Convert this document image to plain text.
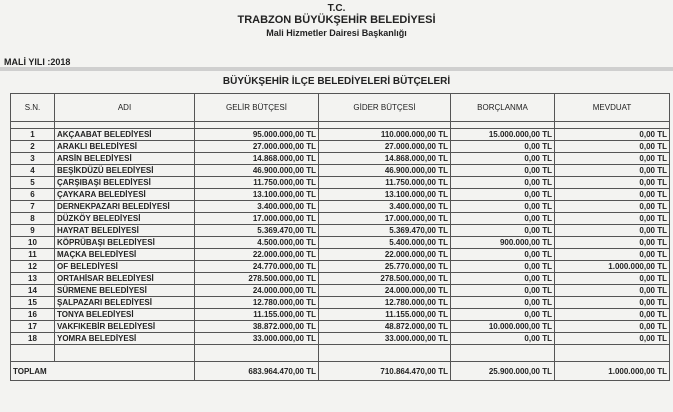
T.C.
TRABZON BÜYÜKŞEHİR BELEDİYESİ
Mali Hizmetler Dairesi Başkanlığı
MALİ YILI :2018
BÜYÜKŞEHİR İLÇE BELEDİYELERİ BÜTÇELERİ
S.N.	ADI	GELİR BÜTÇESİ	GİDER BÜTÇESİ	BORÇLANMA	MEVDUAT

1	AKÇAABAT BELEDİYESİ	95.000.000,00 TL	110.000.000,00 TL	15.000.000,00 TL	0,00 TL
2	ARAKLI BELEDİYESİ	27.000.000,00 TL	27.000.000,00 TL	0,00 TL	0,00 TL
3	ARSİN BELEDİYESİ	14.868.000,00 TL	14.868.000,00 TL	0,00 TL	0,00 TL
4	BEŞİKDÜZÜ BELEDİYESİ	46.900.000,00 TL	46.900.000,00 TL	0,00 TL	0,00 TL
5	ÇARŞIBAŞI BELEDİYESİ	11.750.000,00 TL	11.750.000,00 TL	0,00 TL	0,00 TL
6	ÇAYKARA BELEDİYESİ	13.100.000,00 TL	13.100.000,00 TL	0,00 TL	0,00 TL
7	DERNEKPAZARI BELEDİYESİ	3.400.000,00 TL	3.400.000,00 TL	0,00 TL	0,00 TL
8	DÜZKÖY BELEDİYESİ	17.000.000,00 TL	17.000.000,00 TL	0,00 TL	0,00 TL
9	HAYRAT BELEDİYESİ	5.369.470,00 TL	5.369.470,00 TL	0,00 TL	0,00 TL
10	KÖPRÜBAŞI BELEDİYESİ	4.500.000,00 TL	5.400.000,00 TL	900.000,00 TL	0,00 TL
11	MAÇKA BELEDİYESİ	22.000.000,00 TL	22.000.000,00 TL	0,00 TL	0,00 TL
12	OF BELEDİYESİ	24.770.000,00 TL	25.770.000,00 TL	0,00 TL	1.000.000,00 TL
13	ORTAHİSAR BELEDİYESİ	278.500.000,00 TL	278.500.000,00 TL	0,00 TL	0,00 TL
14	SÜRMENE BELEDİYESİ	24.000.000,00 TL	24.000.000,00 TL	0,00 TL	0,00 TL
15	ŞALPAZARI BELEDİYESİ	12.780.000,00 TL	12.780.000,00 TL	0,00 TL	0,00 TL
16	TONYA BELEDİYESİ	11.155.000,00 TL	11.155.000,00 TL	0,00 TL	0,00 TL
17	VAKFIKEBİR BELEDİYESİ	38.872.000,00 TL	48.872.000,00 TL	10.000.000,00 TL	0,00 TL
18	YOMRA BELEDİYESİ	33.000.000,00 TL	33.000.000,00 TL	0,00 TL	0,00 TL

TOPLAM		683.964.470,00 TL	710.864.470,00 TL	25.900.000,00 TL	1.000.000,00 TL
